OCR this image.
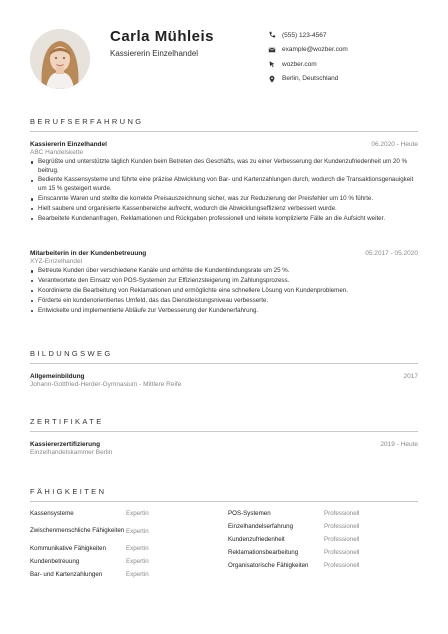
Carla Mühleis
Kassiererin Einzelhandel
(555) 123-4567
example@wozber.com
wozber.com
Berlin, Deutschland
BERUFSERFAHRUNG
Kassiererin Einzelhandel	06.2020 - Heute
ABC Handelskette
Begrüßte und unterstützte täglich Kunden beim Betreten des Geschäfts, was zu einer Verbesserung der Kundenzufriedenheit um 20 % beitrug.
Bediente Kassensysteme und führte eine präzise Abwicklung von Bar- und Kartenzahlungen durch, wodurch die Transaktionsgenauigkeit um 15 % gesteigert wurde.
Einscannte Waren und stellte die korrekte Preisauszeichnung sicher, was zur Reduzierung der Preisfehler um 10 % führte.
Hielt saubere und organisierte Kassenbereiche aufrecht, wodurch die Abwicklungseffizienz verbessert wurde.
Bearbeitete Kundenanfragen, Reklamationen und Rückgaben professionell und leitete komplizierte Fälle an die Aufsicht weiter.
Mitarbeiterin in der Kundenbetreuung	05.2017 - 05.2020
XYZ-Einzelhandel
Betreute Kunden über verschiedene Kanäle und erhöhte die Kundenbindungsrate um 25 %.
Verantwortete den Einsatz von POS-Systemen zur Effizienzsteigerung im Zahlungsprozess.
Koordinierte die Bearbeitung von Reklamationen und ermöglichte eine schnellere Lösung von Kundenproblemen.
Förderte ein kundenorientiertes Umfeld, das das Dienstleistungsniveau verbesserte.
Entwickelte und implementierte Abläufe zur Verbesserung der Kundenerfahrung.
BILDUNGSWEG
Allgemeinbildung	2017
Johann-Gottfried-Herder-Gymnasium - Mittlere Reife
ZERTIFIKATE
Kassiererzertifizierung	2019 - Heute
Einzelhandelskammer Berlin
FÄHIGKEITEN
Kassensysteme	Expertin
Zwischenmenschliche Fähigkeiten Expertin
Kommunikative Fähigkeiten	Expertin
Kundenbetreuung	Expertin
Bar- und Kartenzahlungen	Expertin
POS-Systemen	Professionell
Einzelhandelserfahrung	Professionell
Kundenzufriedenheit	Professionell
Reklamationsbearbeitung	Professionell
Organisatorische Fähigkeiten	Professionell
